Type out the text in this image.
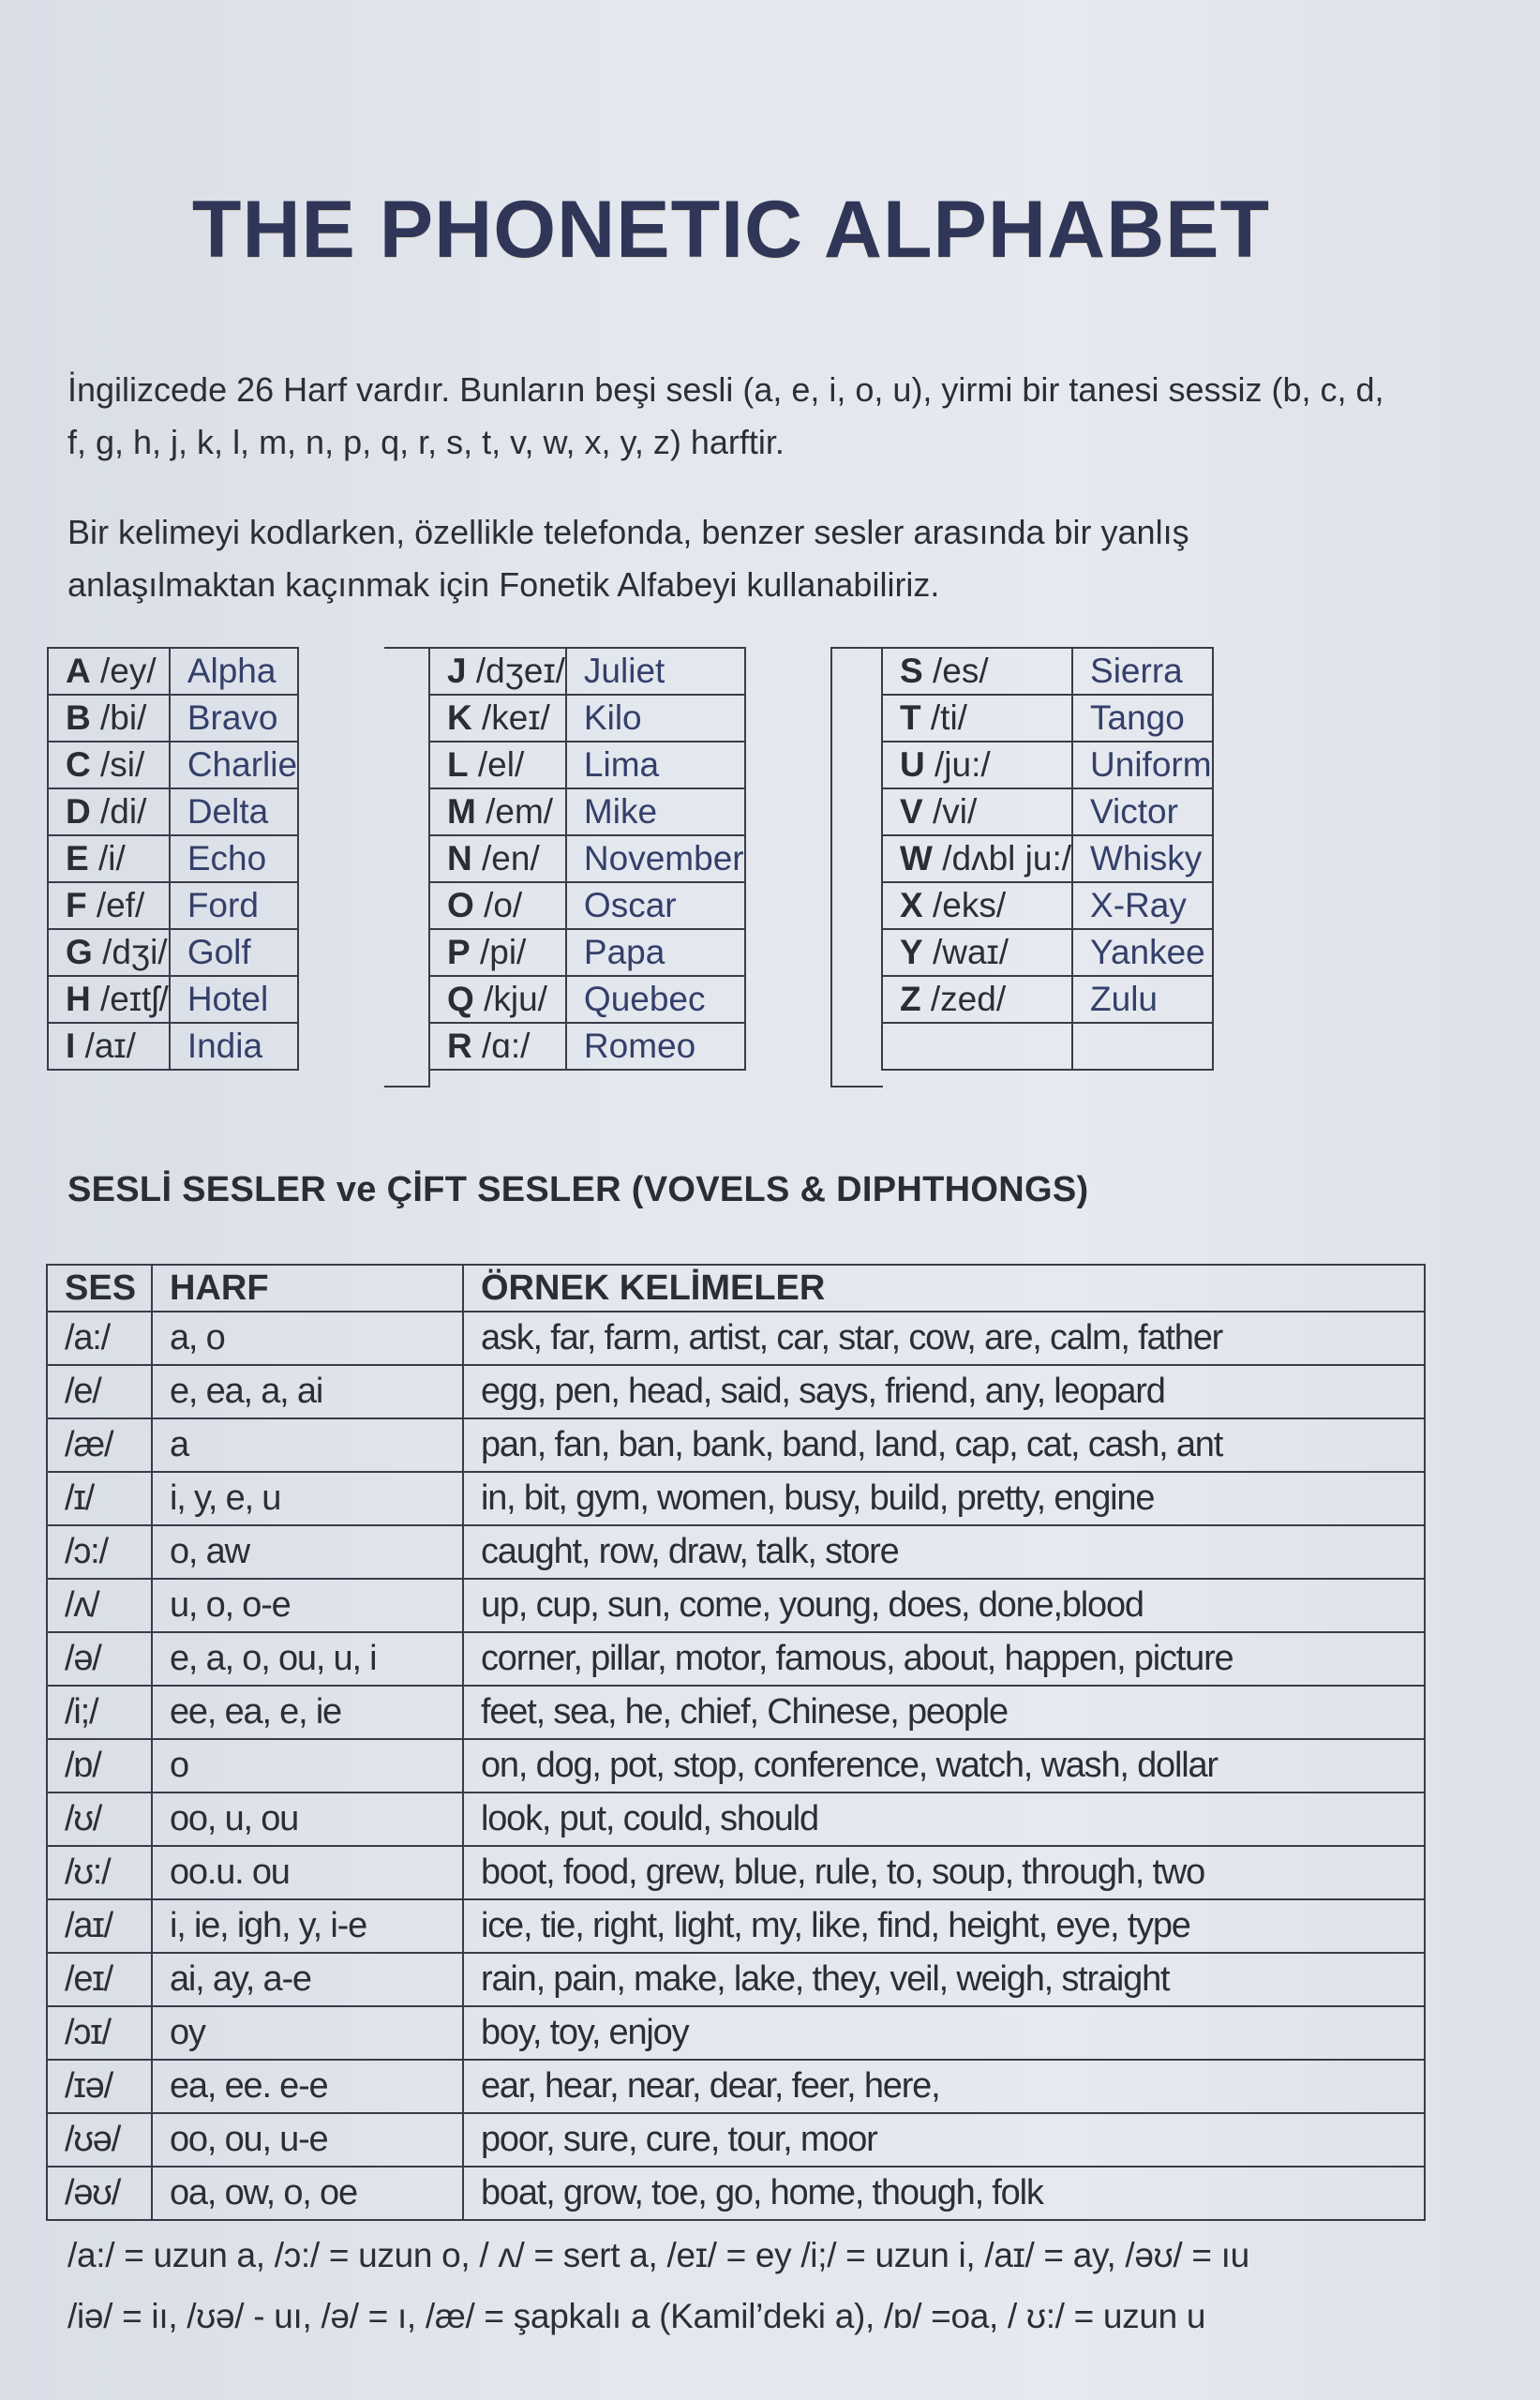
THE PHONETIC ALPHABET
İngilizcede 26 Harf vardır. Bunların beşi sesli (a, e, i, o, u), yirmi bir tanesi sessiz (b, c, d, f, g, h, j, k, l, m, n, p, q, r, s, t, v, w, x, y, z) harftir.
Bir kelimeyi kodlarken, özellikle telefonda, benzer sesler arasında bir yanlış anlaşılmaktan kaçınmak için Fonetik Alfabeyi kullanabiliriz.
A /ey/	Alpha
B /bi/	Bravo
C /si/	Charlie
D /di/	Delta
E /i/	Echo
F /ef/	Ford
G /dʒi/	Golf
H /eɪtʃ/	Hotel
I /aɪ/	India
J /dʒeɪ/	Juliet
K /keɪ/	Kilo
L /el/	Lima
M /em/	Mike
N /en/	November
O /o/	Oscar
P /pi/	Papa
Q /kju/	Quebec
R /ɑ:/	Romeo
S /es/	Sierra
T /ti/	Tango
U /ju:/	Uniform
V /vi/	Victor
W /dʌbl ju:/	Whisky
X /eks/	X-Ray
Y /waɪ/	Yankee
Z /zed/	Zulu

SESLİ SESLER ve ÇİFT SESLER (VOVELS & DIPHTHONGS)
SES	HARF	ÖRNEK KELİMELER
/a:/	a, o	ask, far, farm, artist, car, star, cow, are, calm, father
/e/	e, ea, a, ai	egg, pen, head, said, says, friend, any, leopard
/æ/	a	pan, fan, ban, bank, band, land, cap, cat, cash, ant
/ɪ/	i, y, e, u	in, bit, gym, women, busy, build, pretty, engine
/ɔ:/	o, aw	caught, row, draw, talk, store
/ʌ/	u, o, o-e	up, cup, sun, come, young, does, done,blood
/ə/	e, a, o, ou, u, i	corner, pillar, motor, famous, about, happen, picture
/i;/	ee, ea, e, ie	feet, sea, he, chief, Chinese, people
/ɒ/	o	on, dog, pot, stop, conference, watch, wash, dollar
/ʊ/	oo, u, ou	look, put, could, should
/ʊ:/	oo.u. ou	boot, food, grew, blue, rule, to, soup, through, two
/aɪ/	i, ie, igh, y, i-e	ice, tie, right, light, my, like, find, height, eye, type
/eɪ/	ai, ay, a-e	rain, pain, make, lake, they, veil, weigh, straight
/ɔɪ/	oy	boy, toy, enjoy
/ɪə/	ea, ee. e-e	ear, hear, near, dear, feer, here,
/ʊə/	oo, ou, u-e	poor, sure, cure, tour, moor
/əʊ/	oa, ow, o, oe	boat, grow, toe, go, home, though, folk
/a:/ = uzun a, /ɔ:/ = uzun o, / ʌ/ = sert a, /eɪ/ = ey /i;/ = uzun i, /aɪ/ = ay, /əʊ/ = ıu
/iə/ = iı, /ʊə/ - uı, /ə/ = ı, /æ/ = şapkalı a (Kamil’deki a), /ɒ/ =oa, / ʊ:/ = uzun u
